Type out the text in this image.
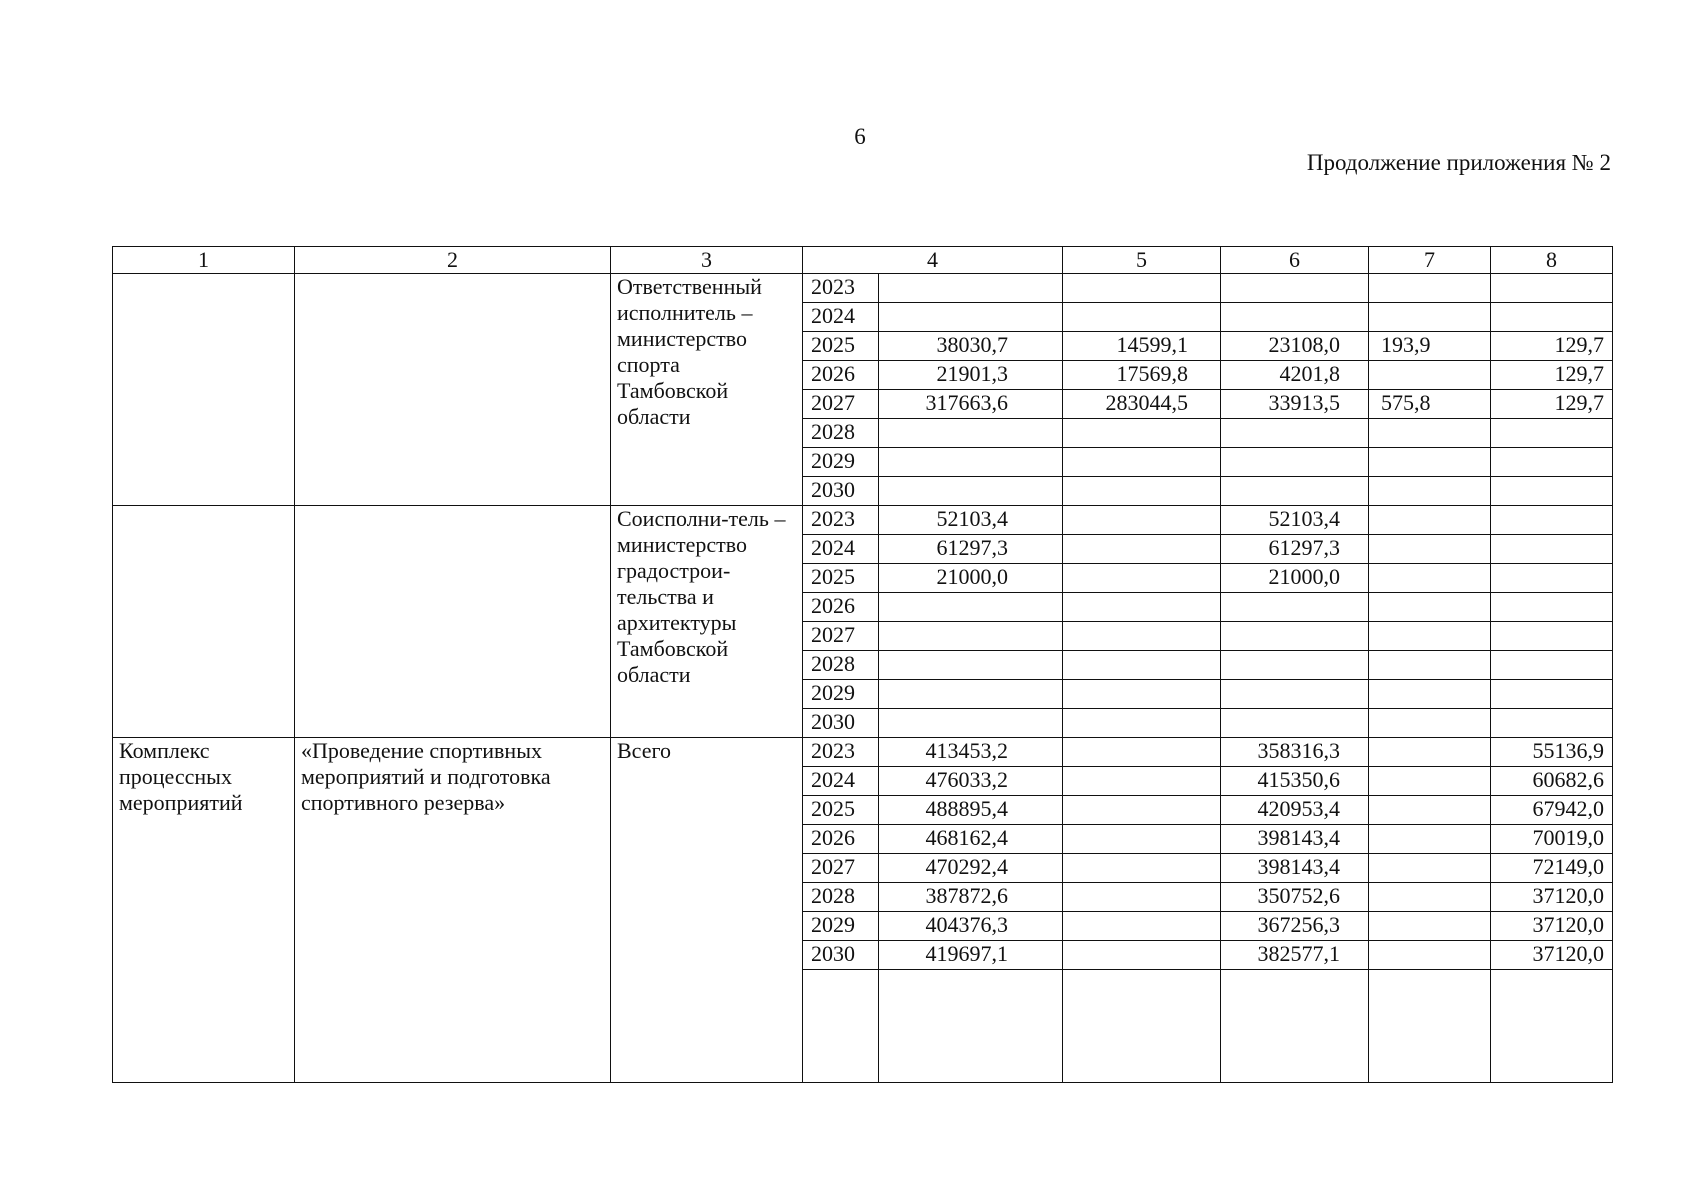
6
Продолжение приложения № 2
1	2	3	4		5	6	7	8
		Ответственный исполнитель – министерство спорта Тамбовской области	2023					
			2024					
			2025	38030,7	14599,1	23108,0	193,9	129,7
			2026	21901,3	17569,8	4201,8		129,7
			2027	317663,6	283044,5	33913,5	575,8	129,7
			2028					
			2029					
			2030					
		Соисполни-тель – министерство градострои-тельства и архитектуры Тамбовской области	2023	52103,4		52103,4		
			2024	61297,3		61297,3		
			2025	21000,0		21000,0		
			2026					
			2027					
			2028					
			2029					
			2030					
Комплекс процессных мероприятий	«Проведение спортивных мероприятий и подготовка спортивного резерва»	Всего	2023	413453,2		358316,3		55136,9
			2024	476033,2		415350,6		60682,6
			2025	488895,4		420953,4		67942,0
			2026	468162,4		398143,4		70019,0
			2027	470292,4		398143,4		72149,0
			2028	387872,6		350752,6		37120,0
			2029	404376,3		367256,3		37120,0
			2030	419697,1		382577,1		37120,0
